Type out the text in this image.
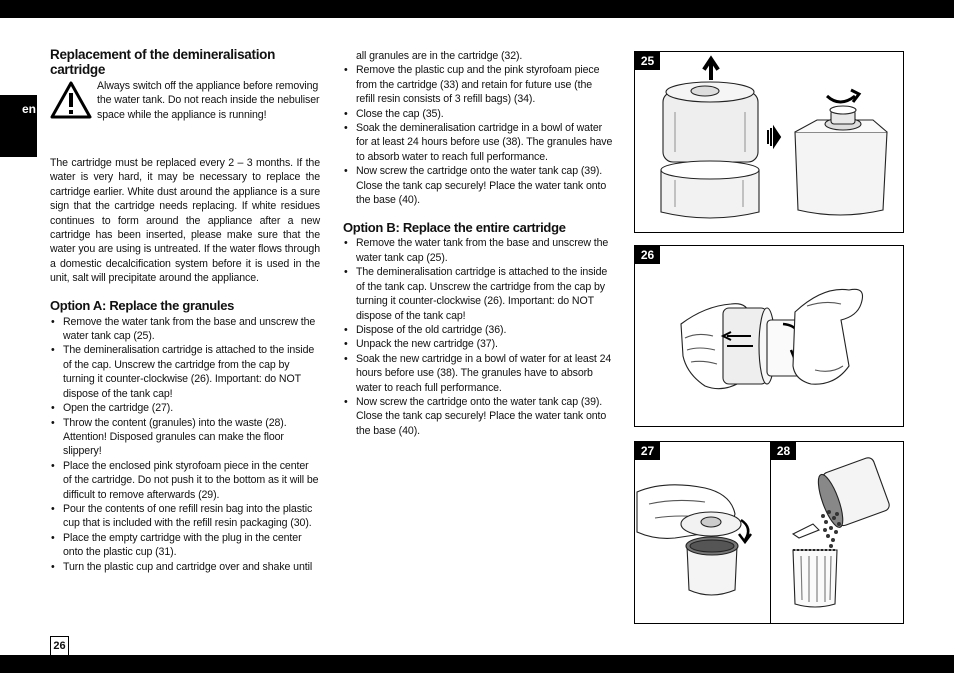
en
Replacement of the demineralisation cartridge

Always switch off the appliance before removing the water tank. Do not reach inside the nebuliser space while the appliance is running!

The cartridge must be replaced every 2 – 3 months. If the water is very hard, it may be necessary to replace the cartridge earlier. White dust around the appliance is a sure sign that the cartridge needs replacing. If white residues continues to form around the appliance after a new cartridge has been inserted, please make sure that the water you are using is untreated. If the water flows through a domestic decalcification system before it is used in the unit, salt will precipitate around the appliance.

Option A: Replace the granules
• Remove the water tank from the base and unscrew the water tank cap (25).
• The demineralisation cartridge is attached to the inside of the cap. Unscrew the cartridge from the cap by turning it counter-clockwise (26). Important: do NOT dispose of the tank cap!
• Open the cartridge (27).
• Throw the content (granules) into the waste (28). Attention! Disposed granules can make the floor slippery!
• Place the enclosed pink styrofoam piece in the center of the cartridge. Do not push it to the bottom as it will be difficult to remove afterwards (29).
• Pour the contents of one refill resin bag into the plastic cup that is included with the refill resin packaging (30).
• Place the empty cartridge with the plug in the center onto the plastic cup (31).
• Turn the plastic cup and cartridge over and shake until

all granules are in the cartridge (32).

• Remove the plastic cup and the pink styrofoam piece from the cartridge (33) and retain for future use (the refill resin consists of 3 refill bags) (34).
• Close the cap (35).
• Soak the demineralisation cartridge in a bowl of water for at least 24 hours before use (38). The granules have to absorb water to reach full performance.
• Now screw the cartridge onto the water tank cap (39). Close the tank cap securely! Place the water tank onto the base (40).
Option B: Replace the entire cartridge
• Remove the water tank from the base and unscrew the water tank cap (25).
• The demineralisation cartridge is attached to the inside of the tank cap. Unscrew the cartridge from the cap by turning it counter-clockwise (26). Important: do NOT dispose of the tank cap!
• Dispose of the old cartridge (36).
• Unpack the new cartridge (37).
• Soak the new cartridge in a bowl of water for at least 24 hours before use (38). The granules have to absorb water to reach full performance.
• Now screw the cartridge onto the water tank cap (39). Close the tank cap securely! Place the water tank onto the base (40).
25
26
27	28
26
